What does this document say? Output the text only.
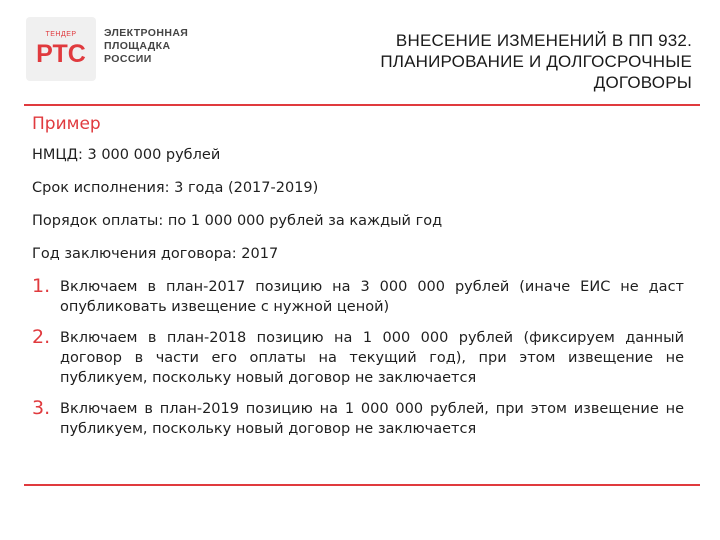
ТЕНДЕР
РТС
ЭЛЕКТРОННАЯ
ПЛОЩАДКА
РОССИИ
ВНЕСЕНИЕ ИЗМЕНЕНИЙ В ПП 932.
ПЛАНИРОВАНИЕ И ДОЛГОСРОЧНЫЕ
ДОГОВОРЫ
Пример
НМЦД: 3 000 000 рублей
Срок исполнения: 3 года (2017-2019)
Порядок оплаты: по 1 000 000 рублей за каждый год
Год заключения договора: 2017
1. Включаем в план-2017 позицию на 3 000 000 рублей (иначе ЕИС не даст опубликовать извещение с нужной ценой)
2. Включаем в план-2018 позицию на 1 000 000 рублей (фиксируем данный договор в части его оплаты на текущий год), при этом извещение не публикуем, поскольку новый договор не заключается
3. Включаем в план-2019 позицию на 1 000 000 рублей, при этом извещение не публикуем, поскольку новый договор не заключается
